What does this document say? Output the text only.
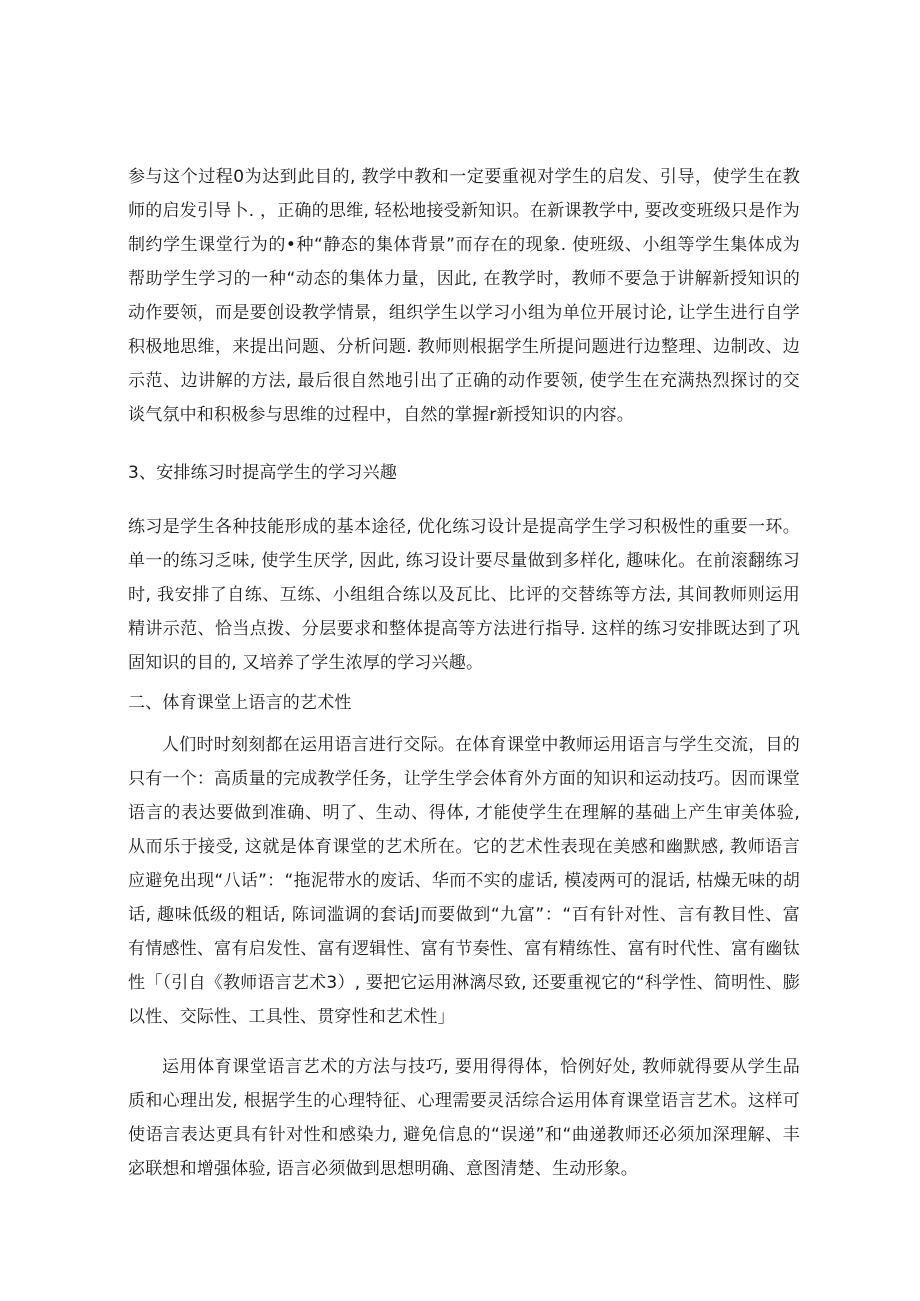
参与这个过程0为达到此目的, 教学中教和一定要重视对学生的启发、引导，使学生在教师的启发引导卜. ，正确的思维, 轻松地接受新知识。在新课教学中, 要改变班级只是作为制约学生课堂行为的•种“静态的集体背景”而存在的现象. 使班级、小组等学生集体成为帮助学生学习的一种“动态的集体力量，因此, 在教学时，教师不要急于讲解新授知识的动作要领，而是要创设教学情景，组织学生以学习小组为单位开展讨论, 让学生进行自学积极地思维，来提出问题、分析问题. 教师则根据学生所提问题进行边整理、边制改、边示范、边讲解的方法, 最后很自然地引出了正确的动作要领, 使学生在充满热烈探讨的交谈气氛中和积极参与思维的过程中，自然的掌握r新授知识的内容。

3、安排练习时提高学生的学习兴趣

练习是学生各种技能形成的基本途径, 优化练习设计是提高学生学习积极性的重要一环。单一的练习乏味, 使学生厌学, 因此, 练习设计要尽量做到多样化, 趣味化。在前滚翻练习时, 我安排了自练、互练、小组组合练以及瓦比、比评的交替练等方法, 其间教师则运用精讲示范、恰当点拨、分层要求和整体提高等方法进行指导. 这样的练习安排既达到了巩固知识的目的, 又培养了学生浓厚的学习兴趣。

二、体育课堂上语言的艺术性

人们时时刻刻都在运用语言进行交际。在体育课堂中教师运用语言与学生交流，目的只有一个：高质量的完成教学任务，让学生学会体育外方面的知识和运动技巧。因而课堂语言的表达要做到准确、明了、生动、得体, 才能使学生在理解的基础上产生审美体验, 从而乐于接受, 这就是体育课堂的艺术所在。它的艺术性表现在美感和幽默感, 教师语言应避免出现“八话”：“拖泥带水的废话、华而不实的虚话, 模凌两可的混话, 枯燥无味的胡话, 趣味低级的粗话, 陈词滥调的套话J而要做到“九富”：“百有针对性、言有教目性、富有情感性、富有启发性、富有逻辑性、富有节奏性、富有精练性、富有时代性、富有幽钛性「（引自《教师语言艺术3）, 要把它运用淋漓尽致, 还要重视它的“科学性、简明性、膨以性、交际性、工具性、贯穿性和艺术性」

运用体育课堂语言艺术的方法与技巧, 要用得得体，恰例好处, 教师就得要从学生品质和心理出发, 根据学生的心理特征、心理需要灵活综合运用体育课堂语言艺术。这样可使语言表达更具有针对性和感染力, 避免信息的“误递”和“曲递教师还必须加深理解、丰宓联想和增强体验, 语言必须做到思想明确、意图清楚、生动形象。
